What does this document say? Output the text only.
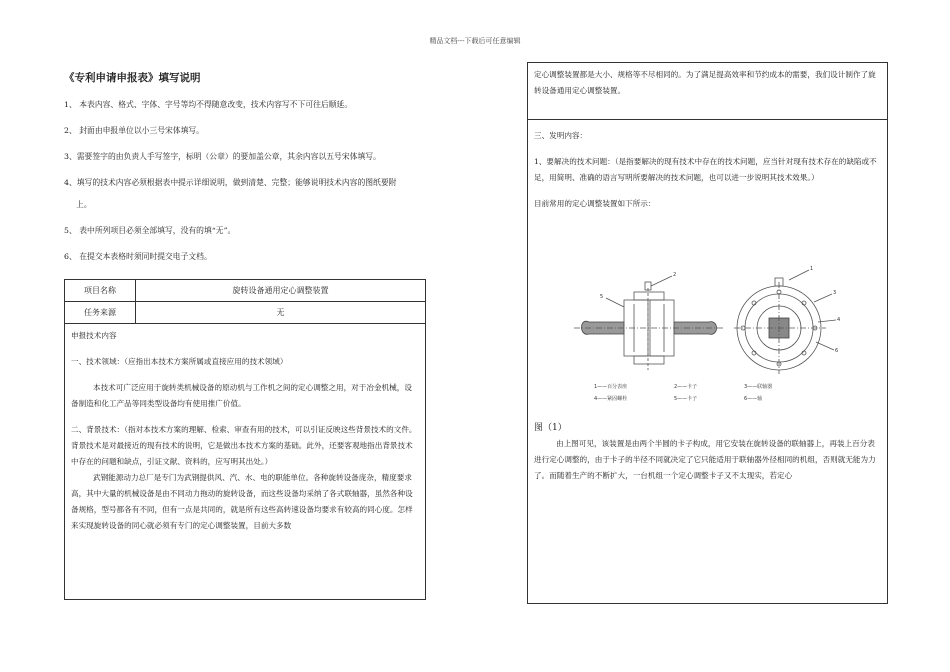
精品文档---下载后可任意编辑

《专利申请申报表》填写说明

1、 本表内容、格式、字体、字号等均不得随意改变，技术内容写不下可往后顺延。

2、 封面由申报单位以小三号宋体填写。

3、需要签字的由负责人手写签字，标明（公章）的要加盖公章，其余内容以五号宋体填写。

4、填写的技术内容必须根据表中提示详细说明，做到清楚、完整；能够说明技术内容的图纸要附

上。

5、 表中所列项目必须全部填写，没有的填“无”。

6、 在提交本表格时须同时提交电子文档。

项目名称	旋转设备通用定心调整装置
任务来源	无

申报技术内容

一、技术领域：（应指出本技术方案所属或直接应用的技术领域）

本技术可广泛应用于旋转类机械设备的原动机与工作机之间的定心调整之用，对于冶金机械，设备制造和化工产品等同类型设备均有使用推广价值。

二、背景技术：（指对本技术方案的理解、检索、审查有用的技术，可以引证反映这些背景技术的文件。背景技术是对最接近的现有技术的说明，它是做出本技术方案的基础。此外，还要客观地指出背景技术中存在的问题和缺点，引证文献、资料的，应写明其出处。）

武钢能源动力总厂是专门为武钢提供风、汽、水、电的职能单位。各种旋转设备庞杂，精度要求高，其中大量的机械设备是由不同动力拖动的旋转设备，而这些设备均采纳了各式联轴器，虽然各种设备规格，型号都各有不同，但有一点是共同的，就是所有这些高转速设备均要求有较高的同心度。怎样来实现旋转设备的同心就必须有专门的定心调整装置，目前大多数

定心调整装置都是大小、规格等不尽相同的。为了满足提高效率和节约成本的需要，我们设计制作了旋转设备通用定心调整装置。

三、发明内容：

1、要解决的技术问题：（是指要解决的现有技术中存在的技术问题，应当针对现有技术存在的缺陷或不足，用简明、准确的语言写明所要解决的技术问题，也可以进一步说明其技术效果。）

目前常用的定心调整装置如下所示：

2
5
1
3
4
6
1——百分表座	2——卡子	3——联轴器
4——紧固螺栓	5——卡子	6——轴

图（1）

由上图可见，该装置是由两个半圆的卡子构成，用它安装在旋转设备的联轴器上，再装上百分表进行定心调整的，由于卡子的半径不同就决定了它只能适用于联轴器外径相同的机组，否则就无能为力了。而随着生产的不断扩大，一台机组一个定心调整卡子又不太现实，若定心
